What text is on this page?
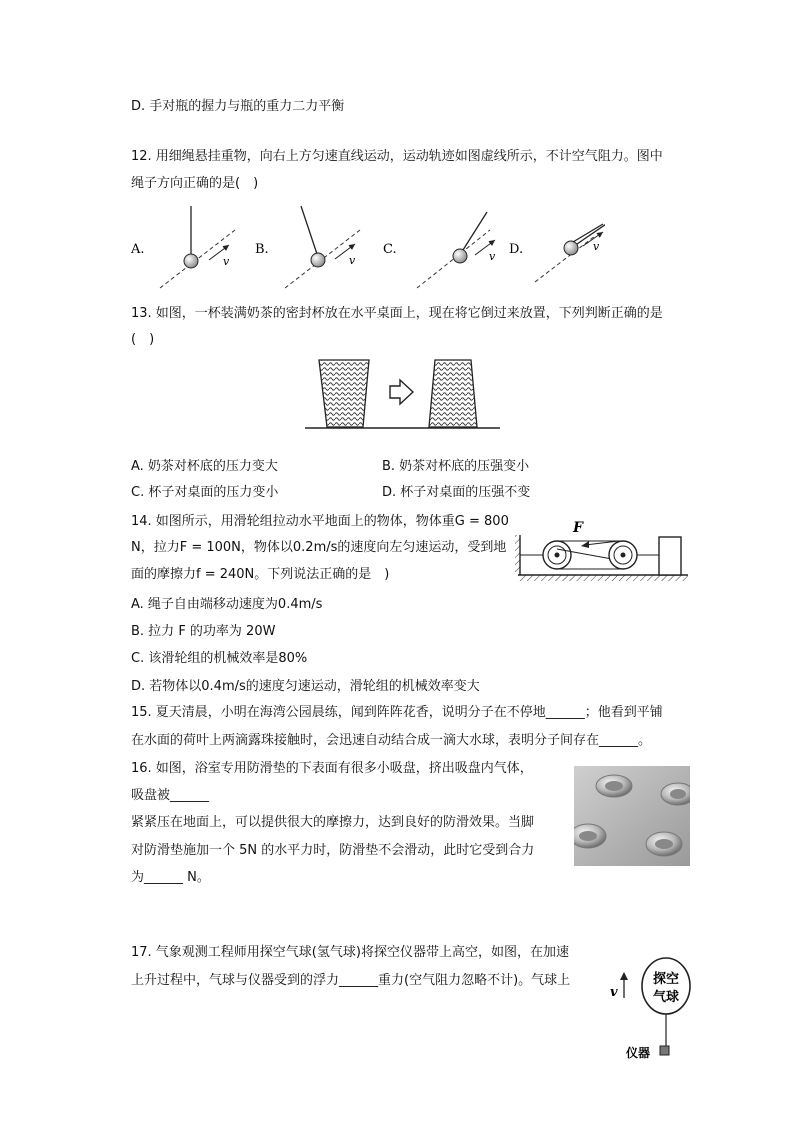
D. 手对瓶的握力与瓶的重力二力平衡
12. 用细绳悬挂重物，向右上方匀速直线运动，运动轨迹如图虚线所示，不计空气阻力。图中
绳子方向正确的是(　)
A.
v
B.
v
C.	v D.	v
13. 如图，一杯装满奶茶的密封杯放在水平桌面上，现在将它倒过来放置，下列判断正确的是
(　)
A. 奶茶对杯底的压力变大	B. 奶茶对杯底的压强变小
C. 杯子对桌面的压力变小	D. 杯子对桌面的压强不变
14. 如图所示，用滑轮组拉动水平地面上的物体，物体重G = 800
N，拉力F = 100N，物体以0.2m/s的速度向左匀速运动，受到地
面的摩擦力f = 240N。下列说法正确的是　)
F
A. 绳子自由端移动速度为0.4m/s
B. 拉力 F 的功率为 20W
C. 该滑轮组的机械效率是80%
D. 若物体以0.4m/s的速度匀速运动，滑轮组的机械效率变大
15. 夏天清晨，小明在海湾公园晨练，闻到阵阵花香，说明分子在不停地______；他看到平铺
在水面的荷叶上两滴露珠接触时，会迅速自动结合成一滴大水球，表明分子间存在______。
16. 如图，浴室专用防滑垫的下表面有很多小吸盘，挤出吸盘内气体，
吸盘被______
紧紧压在地面上，可以提供很大的摩擦力，达到良好的防滑效果。当脚
对防滑垫施加一个 5N 的水平力时，防滑垫不会滑动，此时它受到合力
为______ N。
17. 气象观测工程师用探空气球(氢气球)将探空仪器带上高空，如图，在加速
上升过程中，气球与仪器受到的浮力______重力(空气阻力忽略不计)。气球上	探空
气球
仪器
v
